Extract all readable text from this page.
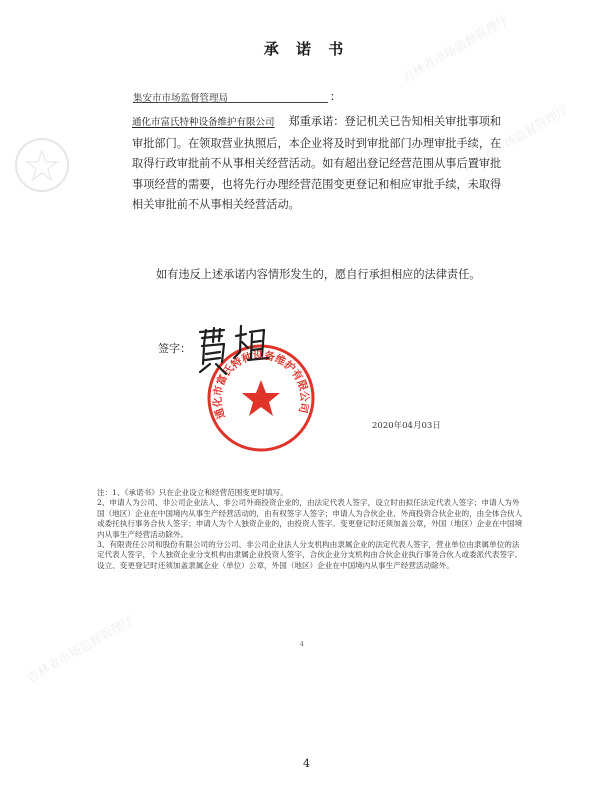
吉林省市场监督管理厅
吉林省市场监督管理厅
吉林省市场监督管理厅
承 诺 书
集安市市场监督管理局	：
通化市富氏特种设备维护有限公司 郑重承诺：登记机关已告知相关审批事项和审批部门。在领取营业执照后，本企业将及时到审批部门办理审批手续，在取得行政审批前不从事相关经营活动。如有超出登记经营范围从事后置审批事项经营的需要，也将先行办理经营范围变更登记和相应审批手续，未取得相关审批前不从事相关经营活动。
如有违反上述承诺内容情形发生的，愿自行承担相应的法律责任。
签字：
通化市富氏特种设备维护有限公司
2020年04月03日

注：1、《承诺书》只在企业设立和经营范围变更时填写。

2、申请人为公司、非公司企业法人、非公司外商投资企业的，由法定代表人签字，设立时由拟任法定代表人签字；申请人为外国（地区）企业在中国境内从事生产经营活动的，由有权签字人签字；申请人为合伙企业、外商投资合伙企业的，由全体合伙人或委托执行事务合伙人签字；申请人为个人独资企业的，由投资人签字。变更登记时还须加盖公章，外国（地区）企业在中国境内从事生产经营活动除外。

3、有限责任公司和股份有限公司的分公司、非公司企业法人分支机构由隶属企业的法定代表人签字，营业单位由隶属单位的法定代表人签字，个人独资企业分支机构由隶属企业投资人签字，合伙企业分支机构由合伙企业执行事务合伙人或委派代表签字。设立、变更登记时还须加盖隶属企业（单位）公章，外国（地区）企业在中国境内从事生产经营活动除外。

4
4
